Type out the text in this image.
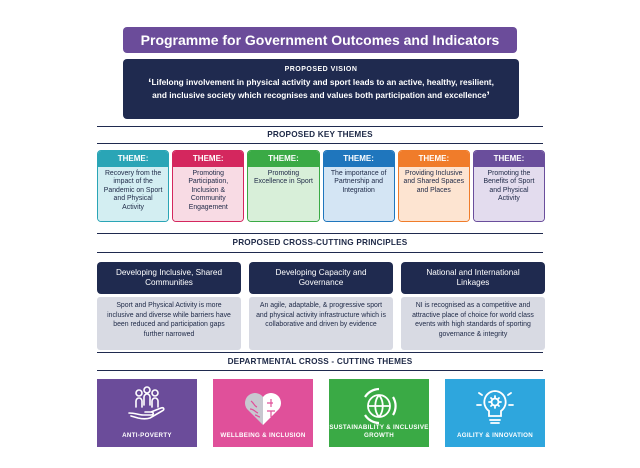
Programme for Government Outcomes and Indicators
PROPOSED VISION
‘Lifelong involvement in physical activity and sport leads to an active, healthy, resilient,
and inclusive society which recognises and values both participation and excellence’
PROPOSED KEY THEMES
THEME:
Recovery from the impact of the Pandemic on Sport and Physical Activity
THEME:
Promoting Participation, Inclusion & Community Engagement
THEME:
Promoting Excellence in Sport
THEME:
The importance of Partnership and Integration
THEME:
Providing Inclusive and Shared Spaces and Places
THEME:
Promoting the Benefits of Sport and Physical Activity
PROPOSED CROSS-CUTTING PRINCIPLES
Developing Inclusive, Shared Communities
Sport and Physical Activity is more inclusive and diverse while barriers have been reduced and participation gaps further narrowed
Developing Capacity and Governance
An agile, adaptable, & progressive sport and physical activity infrastructure which is collaborative and driven by evidence
National and International Linkages
NI is recognised as a competitive and attractive place of choice for world class events with high standards of sporting governance & integrity
DEPARTMENTAL CROSS - CUTTING THEMES
ANTI-POVERTY	WELLBEING & INCLUSION
SUSTAINABILITY & INCLUSIVE GROWTH	AGILITY & INNOVATION
